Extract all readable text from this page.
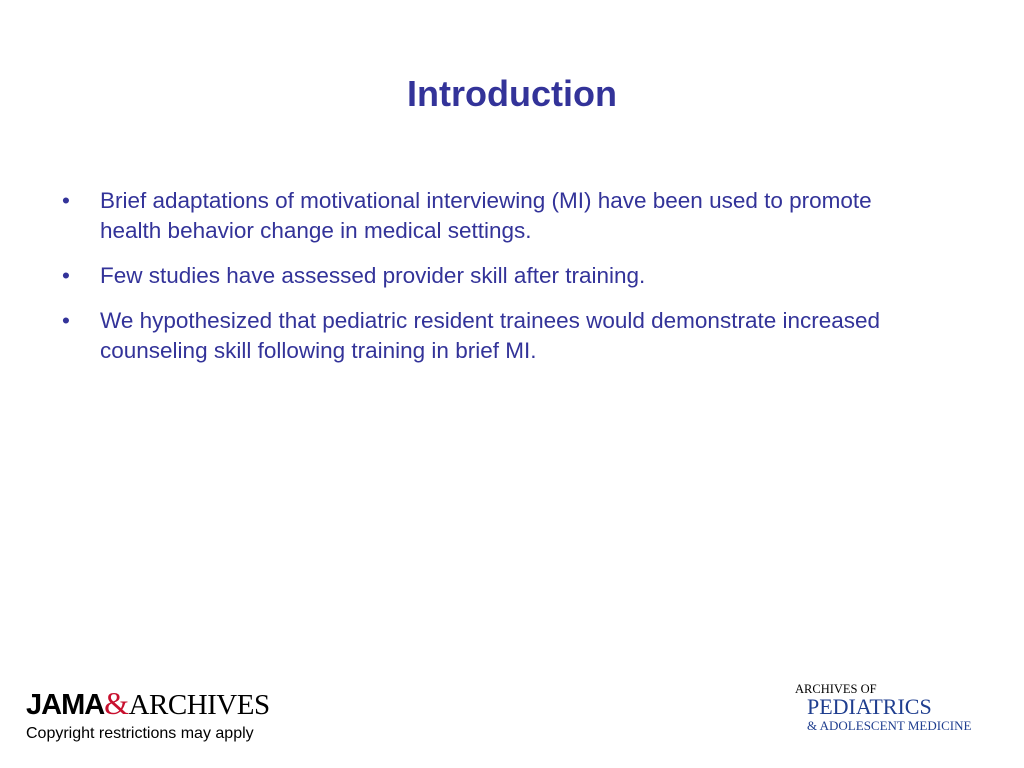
Introduction
• Brief adaptations of motivational interviewing (MI) have been used to promote health behavior change in medical settings.
• Few studies have assessed provider skill after training.
• We hypothesized that pediatric resident trainees would demonstrate increased counseling skill following training in brief MI.
JAMA&ARCHIVES
Copyright restrictions may apply
ARCHIVES OF
PEDIATRICS
& ADOLESCENT MEDICINE
